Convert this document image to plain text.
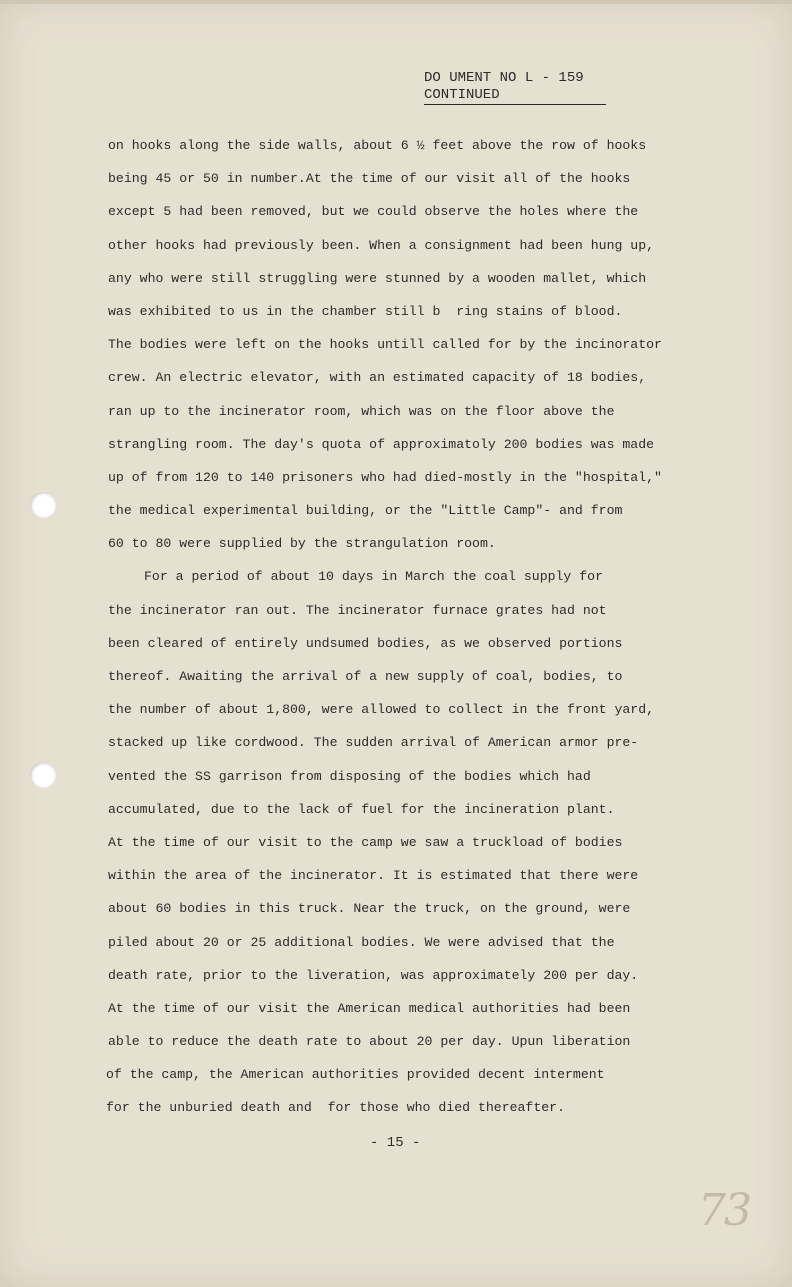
DO UMENT NO L - 159
CONTINUED
on hooks along the side walls, about 6 ½ feet above the row of hooks
being 45 or 50 in number.At the time of our visit all of the hooks
except 5 had been removed, but we could observe the holes where the
other hooks had previously been. When a consignment had been hung up,
any who were still struggling were stunned by a wooden mallet, which
was exhibited to us in the chamber still b  ring stains of blood.
The bodies were left on the hooks untill called for by the incinorator
crew. An electric elevator, with an estimated capacity of 18 bodies,
ran up to the incinerator room, which was on the floor above the
strangling room. The day's quota of approximatoly 200 bodies was made
up of from 120 to 140 prisoners who had died-mostly in the "hospital,"
the medical experimental building, or the "Little Camp"- and from
60 to 80 were supplied by the strangulation room.
For a period of about 10 days in March the coal supply for
the incinerator ran out. The incinerator furnace grates had not
been cleared of entirely undsumed bodies, as we observed portions
thereof. Awaiting the arrival of a new supply of coal, bodies, to
the number of about 1,800, were allowed to collect in the front yard,
stacked up like cordwood. The sudden arrival of American armor pre-
vented the SS garrison from disposing of the bodies which had
accumulated, due to the lack of fuel for the incineration plant.
At the time of our visit to the camp we saw a truckload of bodies
within the area of the incinerator. It is estimated that there were
about 60 bodies in this truck. Near the truck, on the ground, were
piled about 20 or 25 additional bodies. We were advised that the
death rate, prior to the liveration, was approximately 200 per day.
At the time of our visit the American medical authorities had been
able to reduce the death rate to about 20 per day. Upun liberation
of the camp, the American authorities provided decent interment
for the unburied death and  for those who died thereafter.
- 15 -
73
